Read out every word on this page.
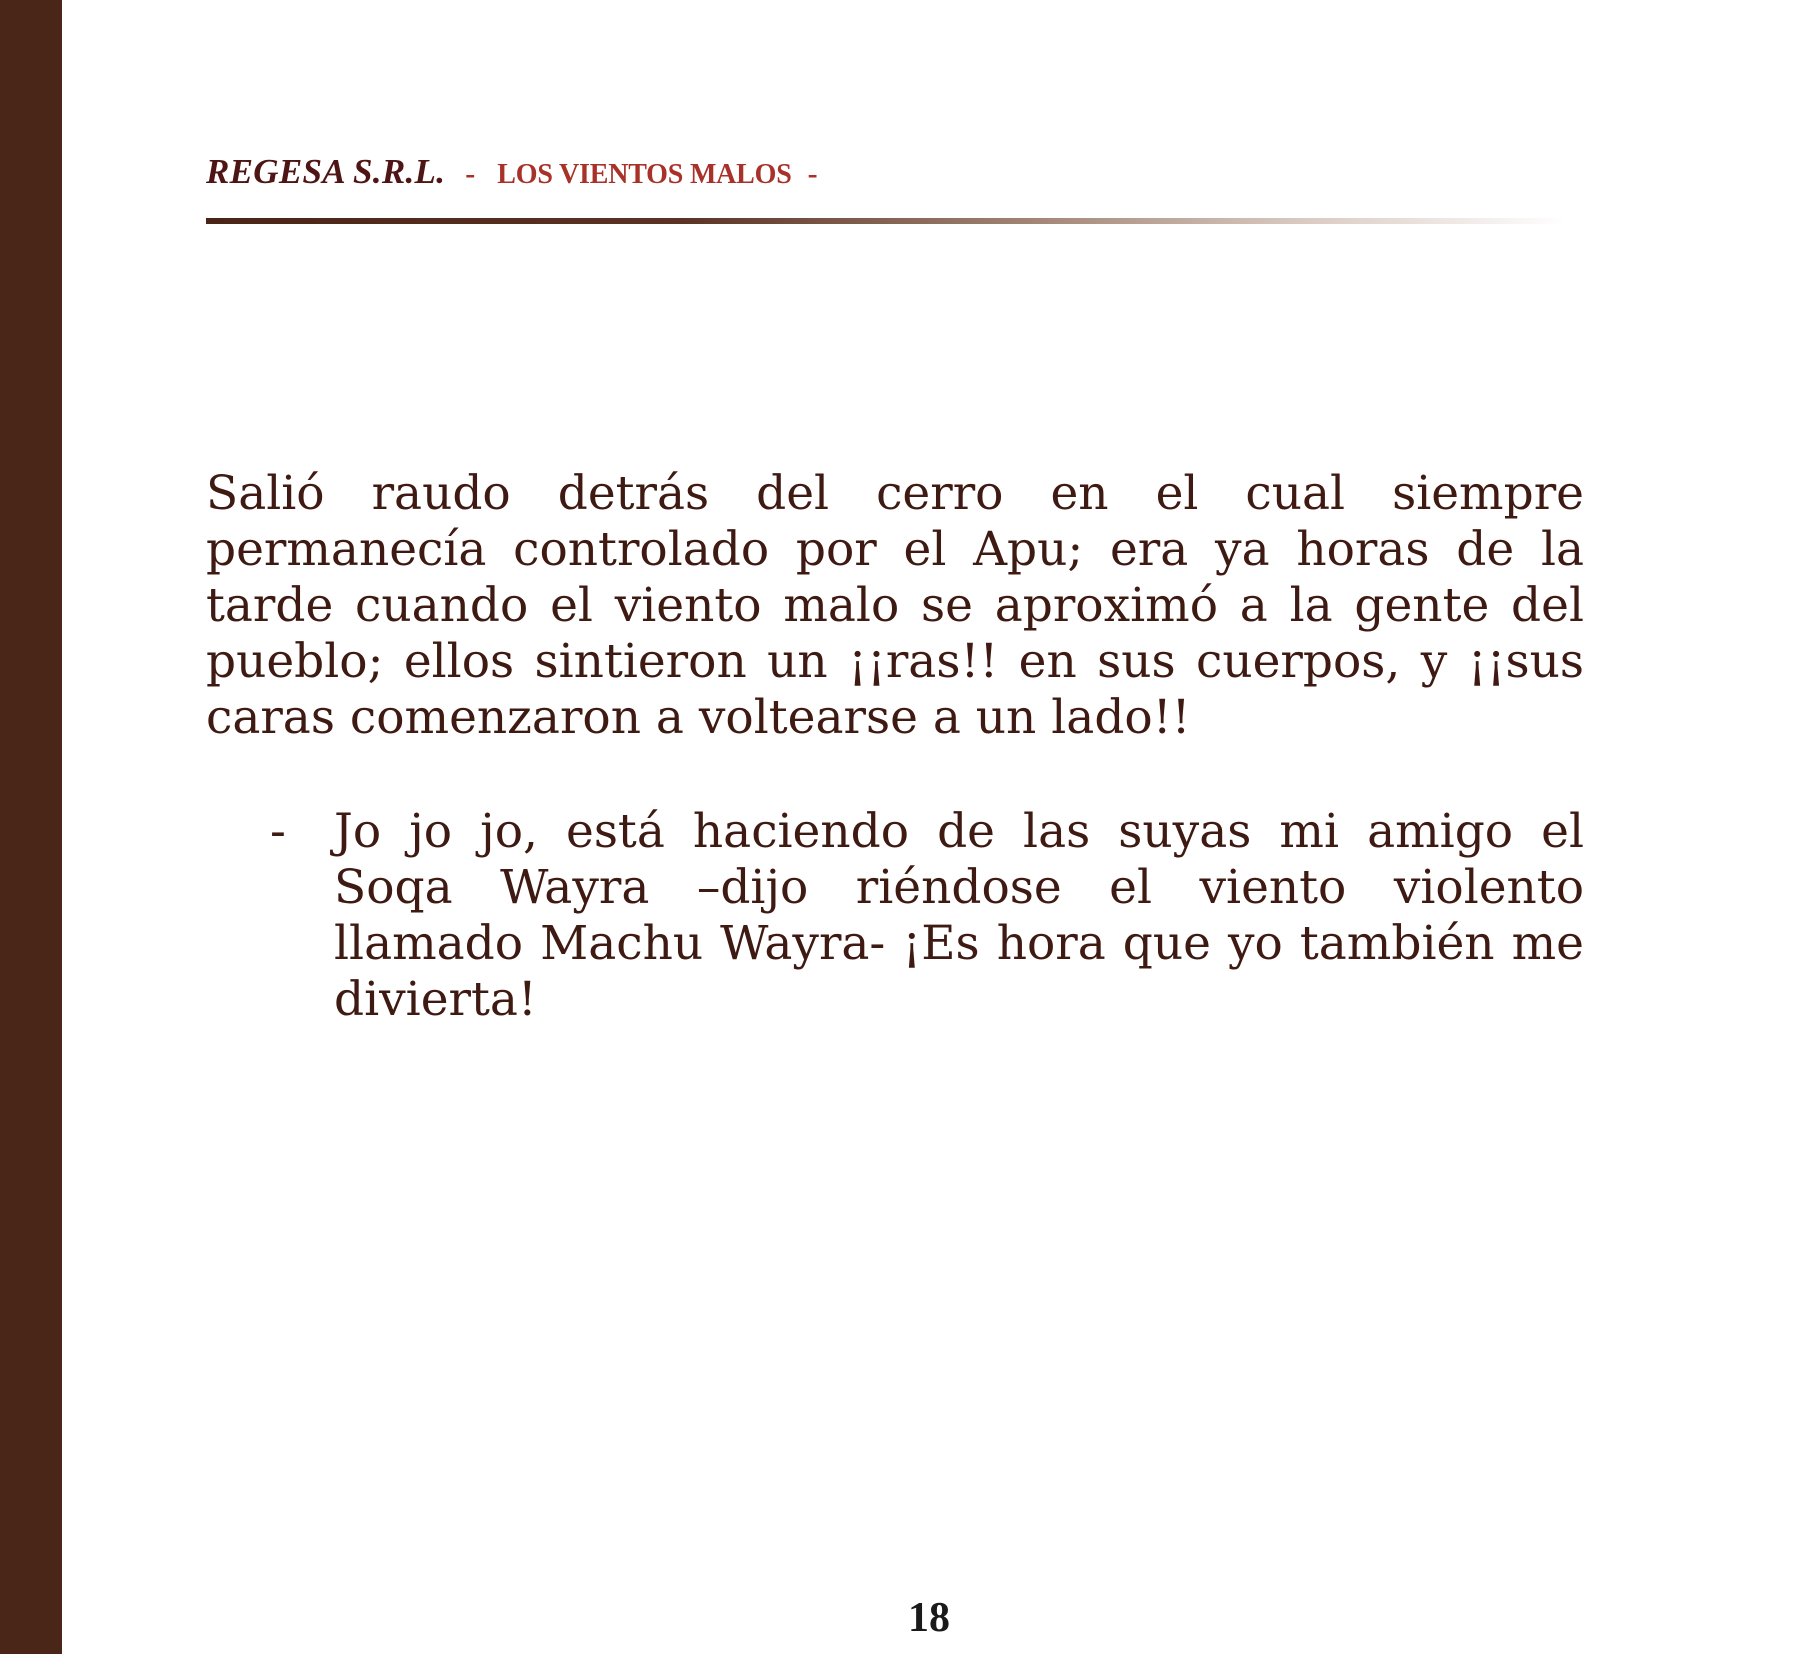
REGESA S.R.L. - LOS VIENTOS MALOS -

Salió raudo detrás del cerro en el cual siempre permanecía controlado por el Apu; era ya horas de la tarde cuando el viento malo se aproximó a la gente del pueblo; ellos sintieron un ¡¡ras!! en sus cuerpos, y ¡¡sus caras comenzaron a voltearse a un lado!!

- Jo jo jo, está haciendo de las suyas mi amigo el Soqa Wayra –dijo riéndose el viento violento llamado Machu Wayra- ¡Es hora que yo también me divierta!

18
